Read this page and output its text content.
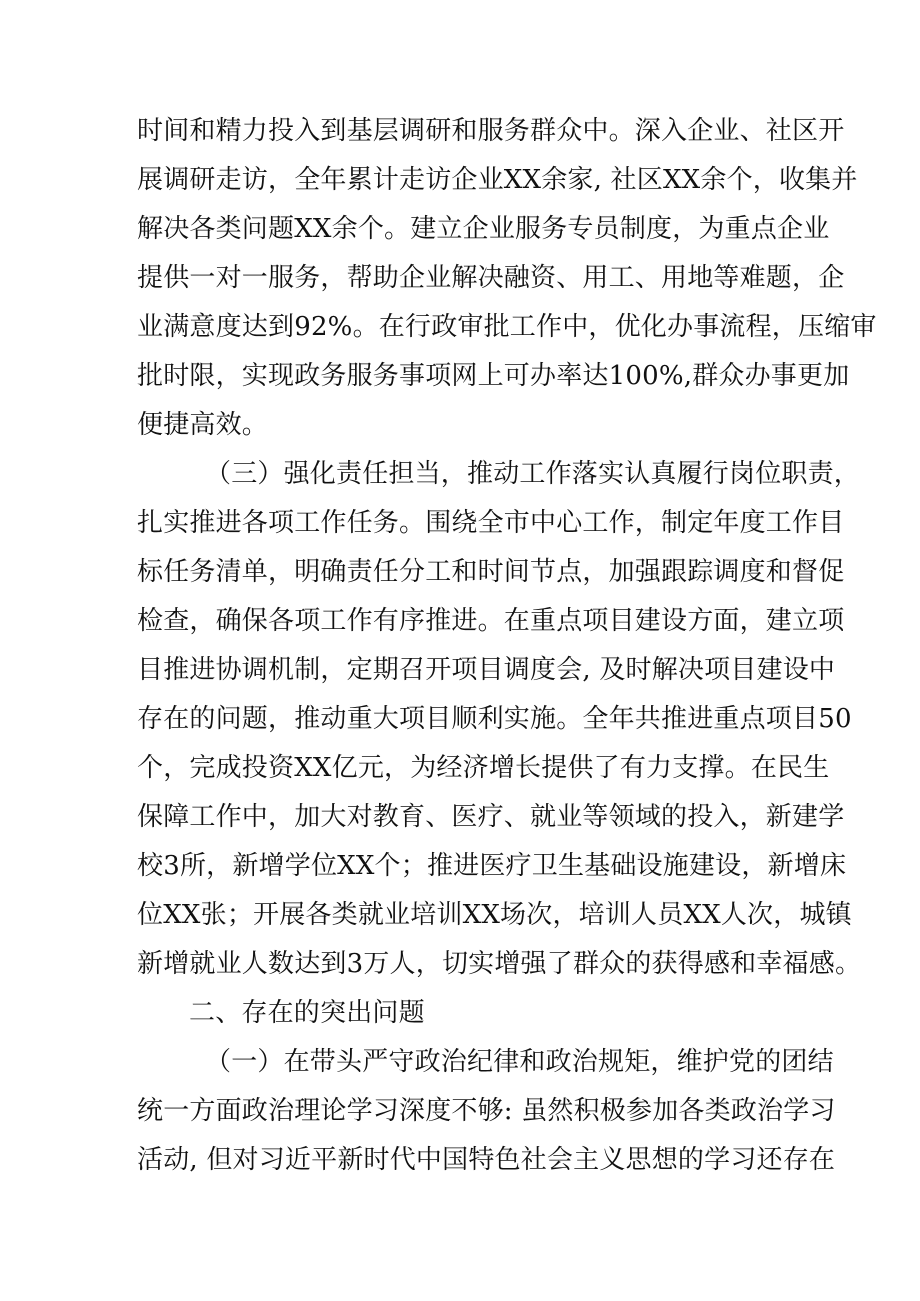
时间和精力投入到基层调研和服务群众中。深入企业、社区开
展调研走访，全年累计走访企业XX余家, 社区XX余个，收集并
解决各类问题XX余个。建立企业服务专员制度，为重点企业
提供一对一服务，帮助企业解决融资、用工、用地等难题，企
业满意度达到92%。在行政审批工作中，优化办事流程，压缩审
批时限，实现政务服务事项网上可办率达100%,群众办事更加
便捷高效。
（三）强化责任担当，推动工作落实认真履行岗位职责，
扎实推进各项工作任务。围绕全市中心工作，制定年度工作目
标任务清单，明确责任分工和时间节点，加强跟踪调度和督促
检查，确保各项工作有序推进。在重点项目建设方面，建立项
目推进协调机制，定期召开项目调度会, 及时解决项目建设中
存在的问题，推动重大项目顺利实施。全年共推进重点项目50
个，完成投资XX亿元，为经济增长提供了有力支撑。在民生
保障工作中，加大对教育、医疗、就业等领域的投入，新建学
校3所，新增学位XX个；推进医疗卫生基础设施建设，新增床
位XX张；开展各类就业培训XX场次，培训人员XX人次，城镇
新增就业人数达到3万人，切实增强了群众的获得感和幸福感。
二、存在的突出问题
（一）在带头严守政治纪律和政治规矩，维护党的团结
统一方面政治理论学习深度不够: 虽然积极参加各类政治学习
活动, 但对习近平新时代中国特色社会主义思想的学习还存在
